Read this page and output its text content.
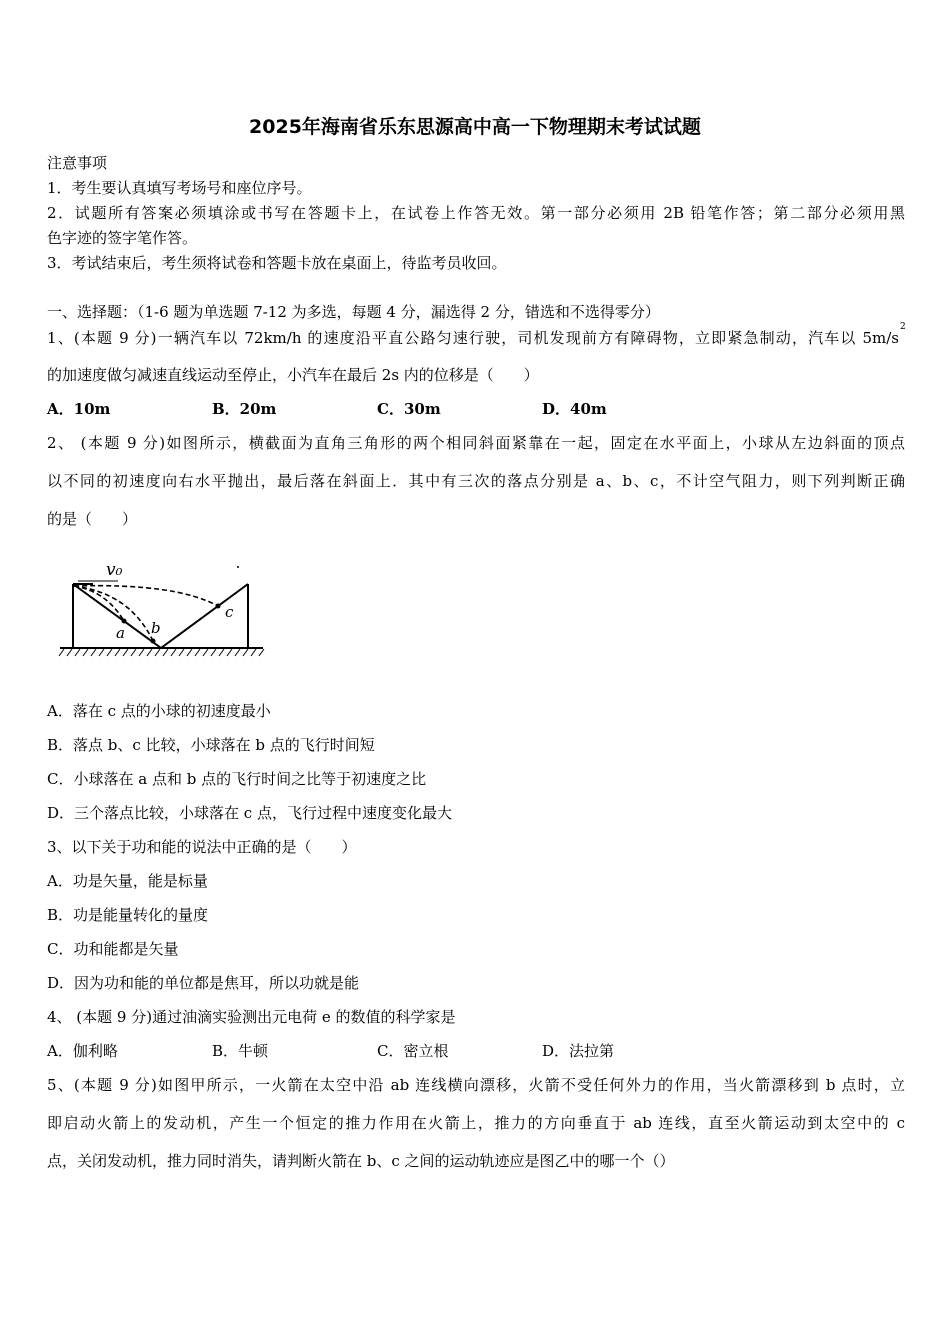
2025年海南省乐东思源高中高一下物理期末考试试题
注意事项
1．考生要认真填写考场号和座位序号。
2．试题所有答案必须填涂或书写在答题卡上，在试卷上作答无效。第一部分必须用 2B 铅笔作答；第二部分必须用黑
色字迹的签字笔作答。
3．考试结束后，考生须将试卷和答题卡放在桌面上，待监考员收回。
一、选择题：（1-6 题为单选题 7-12 为多选，每题 4 分，漏选得 2 分，错选和不选得零分）
1、(本题 9 分)一辆汽车以 72km/h 的速度沿平直公路匀速行驶，司机发现前方有障碍物，立即紧急制动，汽车以 5m/s
2
的加速度做匀减速直线运动至停止，小汽车在最后 2s 内的位移是（　　）
A．10m	B．20m	C．30m	D．40m
2、 (本题 9 分)如图所示，横截面为直角三角形的两个相同斜面紧靠在一起，固定在水平面上，小球从左边斜面的顶点
以不同的初速度向右水平抛出，最后落在斜面上．其中有三次的落点分别是 a、b、c，不计空气阻力，则下列判断正确
的是（　　）
v₀
a b
c
A．落在 c 点的小球的初速度最小
B．落点 b、c 比较，小球落在 b 点的飞行时间短
C．小球落在 a 点和 b 点的飞行时间之比等于初速度之比
D．三个落点比较，小球落在 c 点，飞行过程中速度变化最大
3、以下关于功和能的说法中正确的是（　　）
A．功是矢量，能是标量
B．功是能量转化的量度
C．功和能都是矢量
D．因为功和能的单位都是焦耳，所以功就是能
4、 (本题 9 分)通过油滴实验测出元电荷 e 的数值的科学家是
A．伽利略	B．牛顿	C．密立根	D．法拉第
5、(本题 9 分)如图甲所示，一火箭在太空中沿 ab 连线横向漂移，火箭不受任何外力的作用，当火箭漂移到 b 点时，立
即启动火箭上的发动机，产生一个恒定的推力作用在火箭上，推力的方向垂直于 ab 连线，直至火箭运动到太空中的 c
点，关闭发动机，推力同时消失，请判断火箭在 b、c 之间的运动轨迹应是图乙中的哪一个（）
